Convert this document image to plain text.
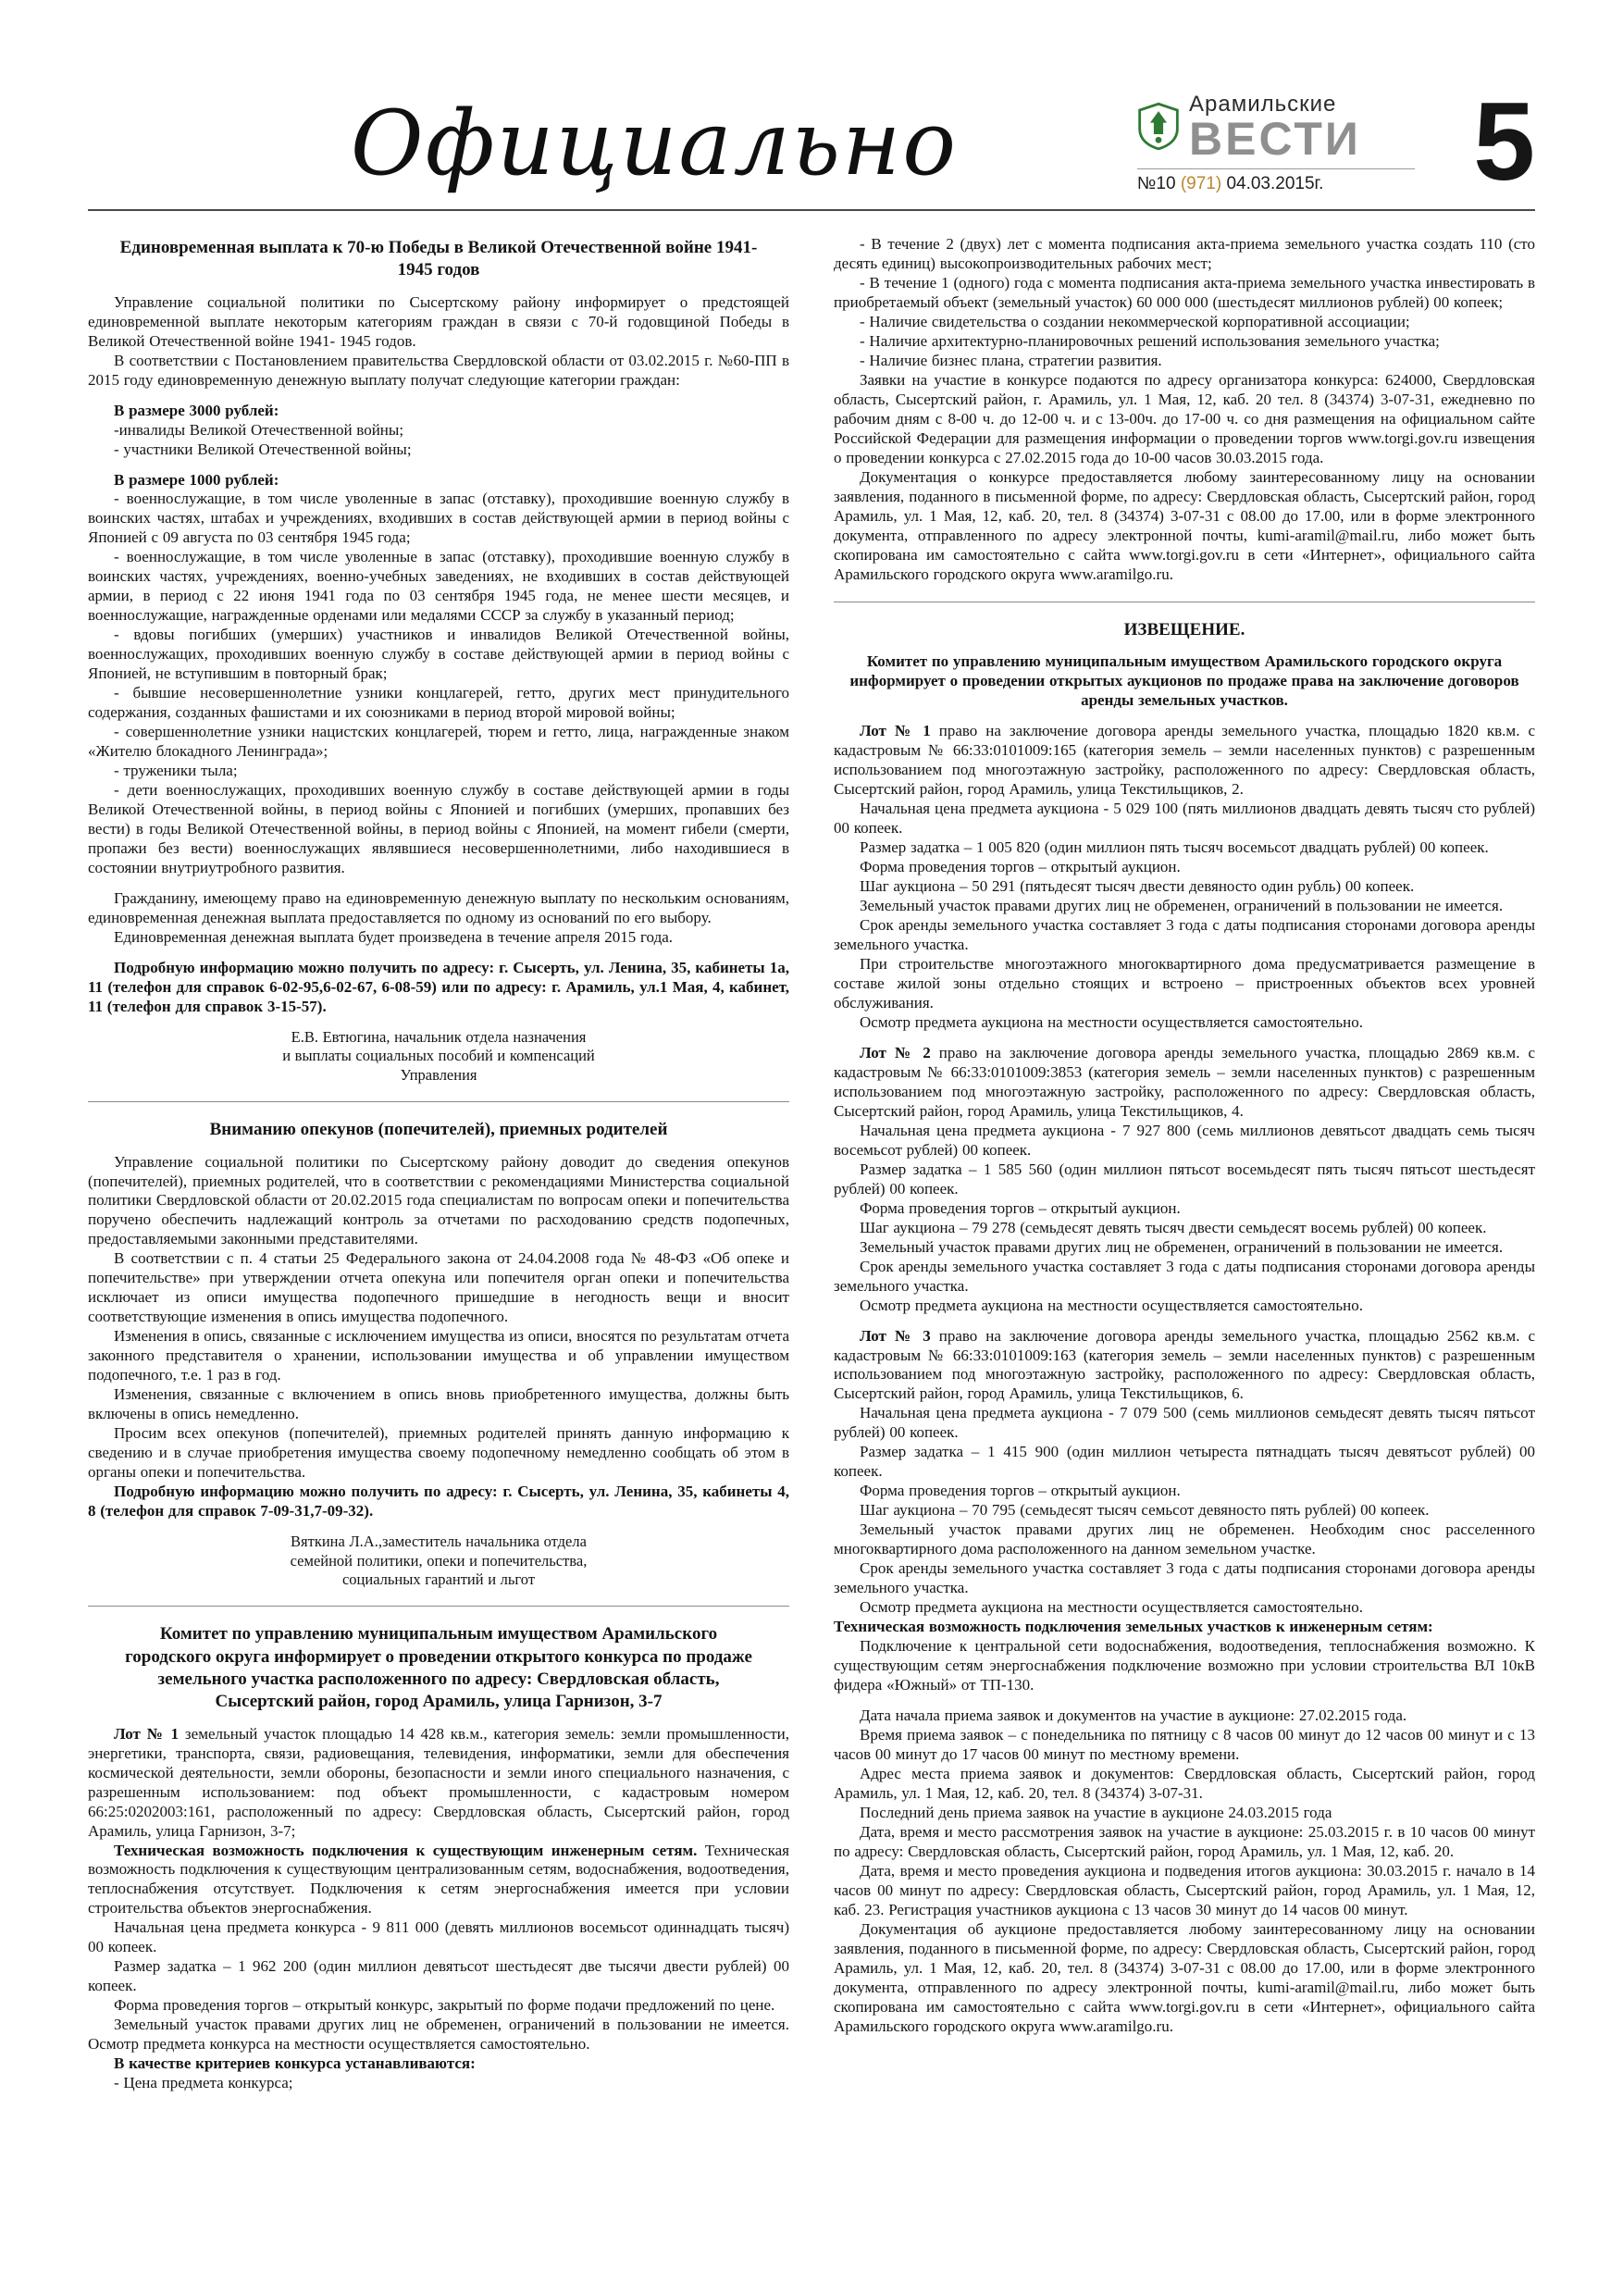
Официально	Арамильские
ВЕСТИ
№10 (971) 04.03.2015г.	5
Единовременная выплата к 70-ю Победы в Великой Отечественной войне 1941- 1945 годов

Управление социальной политики по Сысертскому району информирует о предстоящей единовременной выплате некоторым категориям граждан в связи с 70-й годовщиной Победы в Великой Отечественной войне 1941- 1945 годов.

В соответствии с Постановлением правительства Свердловской области от 03.02.2015 г. №60-ПП в 2015 году единовременную денежную выплату получат следующие категории граждан:

В размере 3000 рублей:

-инвалиды Великой Отечественной войны;

- участники Великой Отечественной войны;

В размере 1000 рублей:

- военнослужащие, в том числе уволенные в запас (отставку), проходившие военную службу в воинских частях, штабах и учреждениях, входивших в состав действующей армии в период войны с Японией с 09 августа по 03 сентября 1945 года;

- военнослужащие, в том числе уволенные в запас (отставку), проходившие военную службу в воинских частях, учреждениях, военно-учебных заведениях, не входивших в состав действующей армии, в период с 22 июня 1941 года по 03 сентября 1945 года, не менее шести месяцев, и военнослужащие, награжденные орденами или медалями СССР за службу в указанный период;

- вдовы погибших (умерших) участников и инвалидов Великой Отечественной войны, военнослужащих, проходивших военную службу в составе действующей армии в период войны с Японией, не вступившим в повторный брак;

- бывшие несовершеннолетние узники концлагерей, гетто, других мест принудительного содержания, созданных фашистами и их союзниками в период второй мировой войны;

- совершеннолетние узники нацистских концлагерей, тюрем и гетто, лица, награжденные знаком «Жителю блокадного Ленинграда»;

- труженики тыла;

- дети военнослужащих, проходивших военную службу в составе действующей армии в годы Великой Отечественной войны, в период войны с Японией и погибших (умерших, пропавших без вести) в годы Великой Отечественной войны, в период войны с Японией, на момент гибели (смерти, пропажи без вести) военнослужащих являвшиеся несовершеннолетними, либо находившиеся в состоянии внутриутробного развития.

Гражданину, имеющему право на единовременную денежную выплату по нескольким основаниям, единовременная денежная выплата предоставляется по одному из оснований по его выбору.

Единовременная денежная выплата будет произведена в течение апреля 2015 года.

Подробную информацию можно получить по адресу: г. Сысерть, ул. Ленина, 35, кабинеты 1а, 11 (телефон для справок 6-02-95,6-02-67, 6-08-59) или по адресу: г. Арамиль, ул.1 Мая, 4, кабинет, 11 (телефон для справок 3-15-57).

Е.В. Евтюгина, начальник отдела назначения

и выплаты социальных пособий и компенсаций

Управления

Вниманию опекунов (попечителей), приемных родителей

Управление социальной политики по Сысертскому району доводит до сведения опекунов (попечителей), приемных родителей, что в соответствии с рекомендациями Министерства социальной политики Свердловской области от 20.02.2015 года специалистам по вопросам опеки и попечительства поручено обеспечить надлежащий контроль за отчетами по расходованию средств подопечных, предоставляемыми законными представителями.

В соответствии с п. 4 статьи 25 Федерального закона от 24.04.2008 года № 48-ФЗ «Об опеке и попечительстве» при утверждении отчета опекуна или попечителя орган опеки и попечительства исключает из описи имущества подопечного пришедшие в негодность вещи и вносит соответствующие изменения в опись имущества подопечного.

Изменения в опись, связанные с исключением имущества из описи, вносятся по результатам отчета законного представителя о хранении, использовании имущества и об управлении имуществом подопечного, т.е. 1 раз в год.

Изменения, связанные с включением в опись вновь приобретенного имущества, должны быть включены в опись немедленно.

Просим всех опекунов (попечителей), приемных родителей принять данную информацию к сведению и в случае приобретения имущества своему подопечному немедленно сообщать об этом в органы опеки и попечительства.

Подробную информацию можно получить по адресу: г. Сысерть, ул. Ленина, 35, кабинеты 4, 8 (телефон для справок 7-09-31,7-09-32).

Вяткина Л.А.,заместитель начальника отдела

семейной политики, опеки и попечительства,

социальных гарантий и льгот

Комитет по управлению муниципальным имуществом Арамильского городского округа информирует о проведении открытого конкурса по продаже земельного участка расположенного по адресу: Свердловская область, Сысертский район, город Арамиль, улица Гарнизон, 3-7

Лот № 1 земельный участок площадью 14 428 кв.м., категория земель: земли промышленности, энергетики, транспорта, связи, радиовещания, телевидения, информатики, земли для обеспечения космической деятельности, земли обороны, безопасности и земли иного специального назначения, с разрешенным использованием: под объект промышленности, с кадастровым номером 66:25:0202003:161, расположенный по адресу: Свердловская область, Сысертский район, город Арамиль, улица Гарнизон, 3-7;

Техническая возможность подключения к существующим инженерным сетям. Техническая возможность подключения к существующим централизованным сетям, водоснабжения, водоотведения, теплоснабжения отсутствует. Подключения к сетям энергоснабжения имеется при условии строительства объектов энергоснабжения.

Начальная цена предмета конкурса - 9 811 000 (девять миллионов восемьсот одиннадцать тысяч) 00 копеек.

Размер задатка – 1 962 200 (один миллион девятьсот шестьдесят две тысячи двести рублей) 00 копеек.

Форма проведения торгов – открытый конкурс, закрытый по форме подачи предложений по цене.

Земельный участок правами других лиц не обременен, ограничений в пользовании не имеется. Осмотр предмета конкурса на местности осуществляется самостоятельно.

В качестве критериев конкурса устанавливаются:

- Цена предмета конкурса;

- В течение 2 (двух) лет с момента подписания акта-приема земельного участка создать 110 (сто десять единиц) высокопроизводительных рабочих мест;

- В течение 1 (одного) года с момента подписания акта-приема земельного участка инвестировать в приобретаемый объект (земельный участок) 60 000 000 (шестьдесят миллионов рублей) 00 копеек;

- Наличие свидетельства о создании некоммерческой корпоративной ассоциации;

- Наличие архитектурно-планировочных решений использования земельного участка;

- Наличие бизнес плана, стратегии развития.

Заявки на участие в конкурсе подаются по адресу организатора конкурса: 624000, Свердловская область, Сысертский район, г. Арамиль, ул. 1 Мая, 12, каб. 20 тел. 8 (34374) 3-07-31, ежедневно по рабочим дням с 8-00 ч. до 12-00 ч. и с 13-00ч. до 17-00 ч. со дня размещения на официальном сайте Российской Федерации для размещения информации о проведении торгов www.torgi.gov.ru извещения о проведении конкурса с 27.02.2015 года до 10-00 часов 30.03.2015 года.

Документация о конкурсе предоставляется любому заинтересованному лицу на основании заявления, поданного в письменной форме, по адресу: Свердловская область, Сысертский район, город Арамиль, ул. 1 Мая, 12, каб. 20, тел. 8 (34374) 3-07-31 с 08.00 до 17.00, или в форме электронного документа, отправленного по адресу электронной почты, kumi-aramil@mail.ru, либо может быть скопирована им самостоятельно с сайта www.torgi.gov.ru в сети «Интернет», официального сайта Арамильского городского округа www.aramilgo.ru.

ИЗВЕЩЕНИЕ.

Комитет по управлению муниципальным имуществом Арамильского городского округа информирует о проведении открытых аукционов по продаже права на заключение договоров аренды земельных участков.

Лот № 1 право на заключение договора аренды земельного участка, площадью 1820 кв.м. с кадастровым № 66:33:0101009:165 (категория земель – земли населенных пунктов) с разрешенным использованием под многоэтажную застройку, расположенного по адресу: Свердловская область, Сысертский район, город Арамиль, улица Текстильщиков, 2.

Начальная цена предмета аукциона - 5 029 100 (пять миллионов двадцать девять тысяч сто рублей) 00 копеек.

Размер задатка – 1 005 820 (один миллион пять тысяч восемьсот двадцать рублей) 00 копеек.

Форма проведения торгов – открытый аукцион.

Шаг аукциона – 50 291 (пятьдесят тысяч двести девяносто один рубль) 00 копеек.

Земельный участок правами других лиц не обременен, ограничений в пользовании не имеется.

Срок аренды земельного участка составляет 3 года с даты подписания сторонами договора аренды земельного участка.

При строительстве многоэтажного многоквартирного дома предусматривается размещение в составе жилой зоны отдельно стоящих и встроено – пристроенных объектов всех уровней обслуживания.

Осмотр предмета аукциона на местности осуществляется самостоятельно.

Лот № 2 право на заключение договора аренды земельного участка, площадью 2869 кв.м. с кадастровым № 66:33:0101009:3853 (категория земель – земли населенных пунктов) с разрешенным использованием под многоэтажную застройку, расположенного по адресу: Свердловская область, Сысертский район, город Арамиль, улица Текстильщиков, 4.

Начальная цена предмета аукциона - 7 927 800 (семь миллионов девятьсот двадцать семь тысяч восемьсот рублей) 00 копеек.

Размер задатка – 1 585 560 (один миллион пятьсот восемьдесят пять тысяч пятьсот шестьдесят рублей) 00 копеек.

Форма проведения торгов – открытый аукцион.

Шаг аукциона – 79 278 (семьдесят девять тысяч двести семьдесят восемь рублей) 00 копеек.

Земельный участок правами других лиц не обременен, ограничений в пользовании не имеется.

Срок аренды земельного участка составляет 3 года с даты подписания сторонами договора аренды земельного участка.

Осмотр предмета аукциона на местности осуществляется самостоятельно.

Лот № 3 право на заключение договора аренды земельного участка, площадью 2562 кв.м. с кадастровым № 66:33:0101009:163 (категория земель – земли населенных пунктов) с разрешенным использованием под многоэтажную застройку, расположенного по адресу: Свердловская область, Сысертский район, город Арамиль, улица Текстильщиков, 6.

Начальная цена предмета аукциона - 7 079 500 (семь миллионов семьдесят девять тысяч пятьсот рублей) 00 копеек.

Размер задатка – 1 415 900 (один миллион четыреста пятнадцать тысяч девятьсот рублей) 00 копеек.

Форма проведения торгов – открытый аукцион.

Шаг аукциона – 70 795 (семьдесят тысяч семьсот девяносто пять рублей) 00 копеек.

Земельный участок правами других лиц не обременен. Необходим снос расселенного многоквартирного дома расположенного на данном земельном участке.

Срок аренды земельного участка составляет 3 года с даты подписания сторонами договора аренды земельного участка.

Осмотр предмета аукциона на местности осуществляется самостоятельно.

Техническая возможность подключения земельных участков к инженерным сетям:

Подключение к центральной сети водоснабжения, водоотведения, теплоснабжения возможно. К существующим сетям энергоснабжения подключение возможно при условии строительства ВЛ 10кВ фидера «Южный» от ТП-130.

Дата начала приема заявок и документов на участие в аукционе: 27.02.2015 года.

Время приема заявок – с понедельника по пятницу с 8 часов 00 минут до 12 часов 00 минут и с 13 часов 00 минут до 17 часов 00 минут по местному времени.

Адрес места приема заявок и документов: Свердловская область, Сысертский район, город Арамиль, ул. 1 Мая, 12, каб. 20, тел. 8 (34374) 3-07-31.

Последний день приема заявок на участие в аукционе 24.03.2015 года

Дата, время и место рассмотрения заявок на участие в аукционе: 25.03.2015 г. в 10 часов 00 минут по адресу: Свердловская область, Сысертский район, город Арамиль, ул. 1 Мая, 12, каб. 20.

Дата, время и место проведения аукциона и подведения итогов аукциона: 30.03.2015 г. начало в 14 часов 00 минут по адресу: Свердловская область, Сысертский район, город Арамиль, ул. 1 Мая, 12, каб. 23. Регистрация участников аукциона с 13 часов 30 минут до 14 часов 00 минут.

Документация об аукционе предоставляется любому заинтересованному лицу на основании заявления, поданного в письменной форме, по адресу: Свердловская область, Сысертский район, город Арамиль, ул. 1 Мая, 12, каб. 20, тел. 8 (34374) 3-07-31 с 08.00 до 17.00, или в форме электронного документа, отправленного по адресу электронной почты, kumi-aramil@mail.ru, либо может быть скопирована им самостоятельно с сайта www.torgi.gov.ru в сети «Интернет», официального сайта Арамильского городского округа www.aramilgo.ru.
